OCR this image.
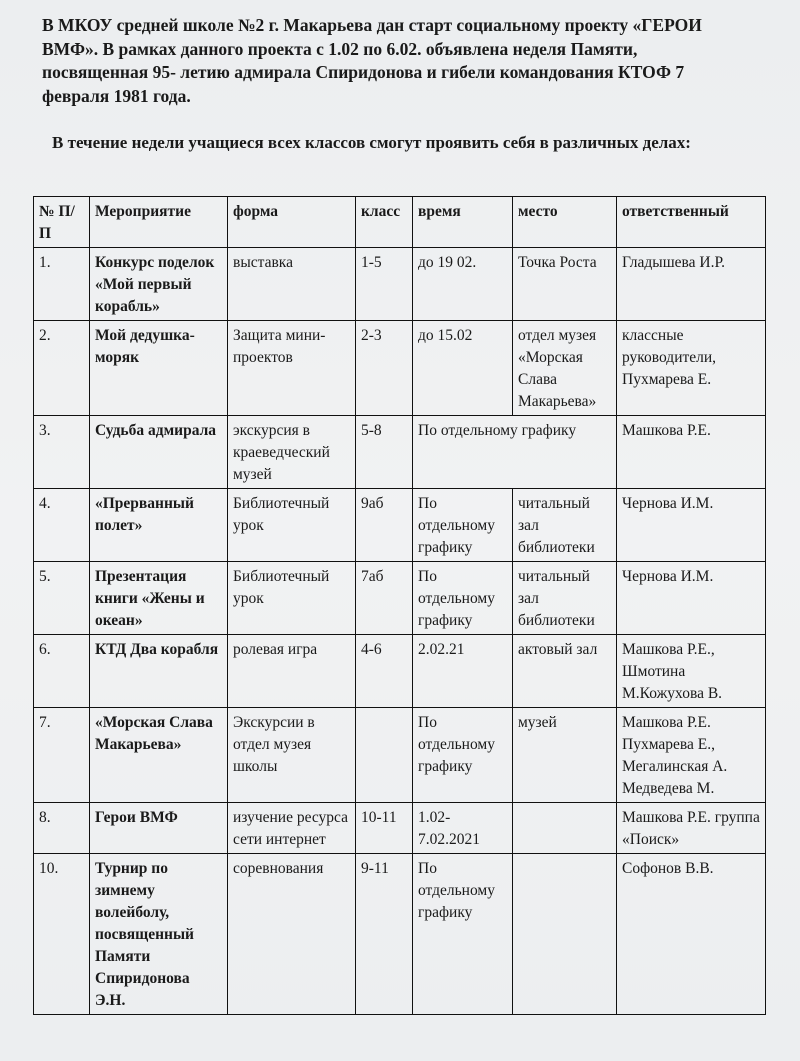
В МКОУ средней школе №2 г. Макарьева дан старт социальному проекту «ГЕРОИ ВМФ». В рамках данного проекта с 1.02 по 6.02. объявлена неделя Памяти, посвященная 95- летию адмирала Спиридонова и гибели командования КТОФ 7 февраля 1981 года.

В течение недели учащиеся всех классов смогут проявить себя в различных делах:

№ П/П	Мероприятие	форма	класс	время	место	ответственный
1.	Конкурс поделок «Мой первый корабль»	выставка	1-5	до 19 02.	Точка Роста	Гладышева И.Р.
2.	Мой дедушка-моряк	Защита мини-проектов	2-3	до 15.02	отдел музея «Морская Слава Макарьева»	классные руководители, Пухмарева Е.
3.	Судьба адмирала	экскурсия в краеведческий музей	5-8	По отдельному графику		Машкова Р.Е.
4.	«Прерванный полет»	Библиотечный урок	9аб	По отдельному графику	читальный зал библиотеки	Чернова И.М.
5.	Презентация книги «Жены и океан»	Библиотечный урок	7аб	По отдельному графику	читальный зал библиотеки	Чернова И.М.
6.	КТД Два корабля	ролевая игра	4-6	2.02.21	актовый зал	Машкова Р.Е., Шмотина М.Кожухова В.
7.	«Морская Слава Макарьева»	Экскурсии в отдел музея школы		По отдельному графику	музей	Машкова Р.Е. Пухмарева Е., Мегалинская А. Медведева М.
8.	Герои ВМФ	изучение ресурса сети интернет	10-11	1.02-7.02.2021		Машкова Р.Е. группа «Поиск»
10.	Турнир по зимнему волейболу, посвященный Памяти Спиридонова Э.Н.	соревнования	9-11	По отдельному графику		Софонов В.В.
